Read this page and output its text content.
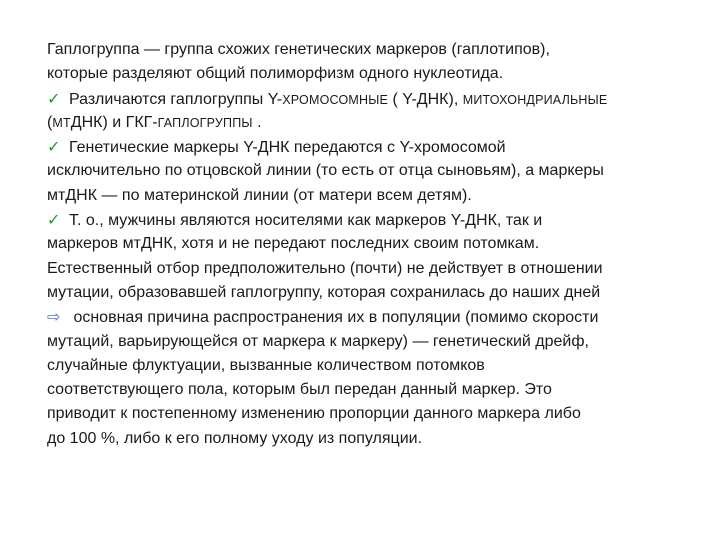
Гаплогруппа — группа схожих генетических маркеров (гаплотипов),
которые разделяют общий полиморфизм одного нуклеотида.
✓ Различаются гаплогруппы Y-ХРОМОСОМНЫЕ ( Y-ДНК), МИТОХОНДРИАЛЬНЫЕ
(МТДНК) и ГКГ-ГАПЛОГРУППЫ .
✓ Генетические маркеры Y-ДНК передаются с Y-хромосомой
исключительно по отцовской линии (то есть от отца сыновьям), а маркеры
мтДНК — по материнской линии (от матери всем детям).
✓ Т. о., мужчины являются носителями как маркеров Y-ДНК, так и
маркеров мтДНК, хотя и не передают последних своим потомкам.
Естественный отбор предположительно (почти) не действует в отношении
мутации, образовавшей гаплогруппу, которая сохранилась до наших дней
⇨ основная причина распространения их в популяции (помимо скорости
мутаций, варьирующейся от маркера к маркеру) — генетический дрейф,
случайные флуктуации, вызванные количеством потомков
соответствующего пола, которым был передан данный маркер. Это
приводит к постепенному изменению пропорции данного маркера либо
до 100 %, либо к его полному уходу из популяции.
